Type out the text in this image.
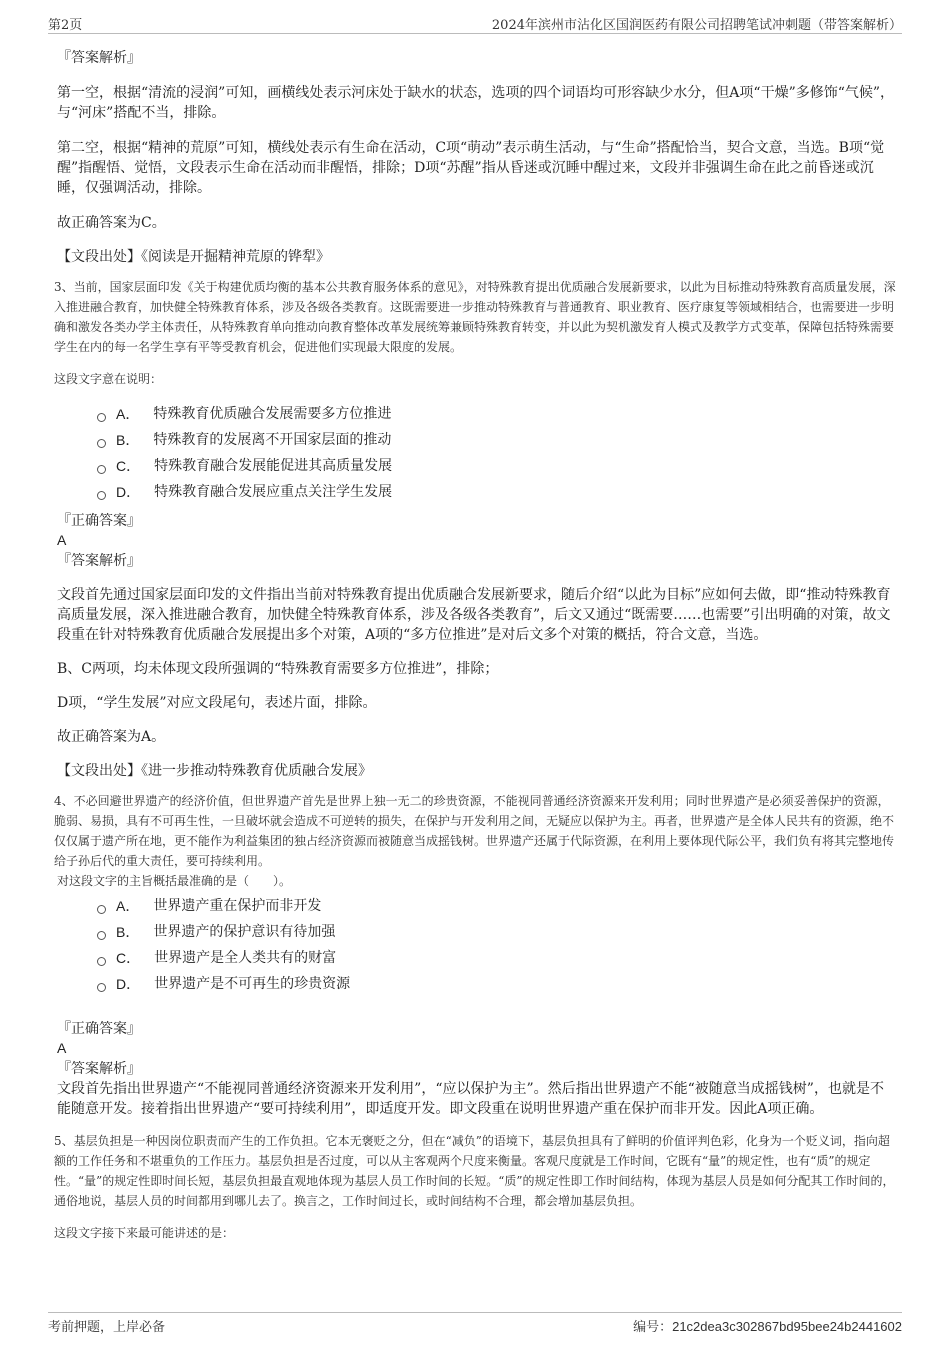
第2页	2024年滨州市沾化区国润医药有限公司招聘笔试冲刺题（带答案解析）
『答案解析』

第一空，根据“清流的浸润”可知，画横线处表示河床处于缺水的状态，选项的四个词语均可形容缺少水分，但A项“干燥”多修饰“气候”，与“河床”搭配不当，排除。

第二空，根据“精神的荒原”可知，横线处表示有生命在活动，C项“萌动”表示萌生活动，与“生命”搭配恰当，契合文意，当选。B项“觉醒”指醒悟、觉悟，文段表示生命在活动而非醒悟，排除；D项“苏醒”指从昏迷或沉睡中醒过来，文段并非强调生命在此之前昏迷或沉睡，仅强调活动，排除。

故正确答案为C。

【文段出处】《阅读是开掘精神荒原的铧犁》

3、当前，国家层面印发《关于构建优质均衡的基本公共教育服务体系的意见》，对特殊教育提出优质融合发展新要求，以此为目标推动特殊教育高质量发展，深入推进融合教育，加快健全特殊教育体系，涉及各级各类教育。这既需要进一步推动特殊教育与普通教育、职业教育、医疗康复等领域相结合，也需要进一步明确和激发各类办学主体责任，从特殊教育单向推动向教育整体改革发展统筹兼顾特殊教育转变，并以此为契机激发育人模式及教学方式变革，保障包括特殊需要学生在内的每一名学生享有平等受教育机会，促进他们实现最大限度的发展。

这段文字意在说明：

A． 特殊教育优质融合发展需要多方位推进
B． 特殊教育的发展离不开国家层面的推动
C． 特殊教育融合发展能促进其高质量发展
D． 特殊教育融合发展应重点关注学生发展
『正确答案』
A
『答案解析』

文段首先通过国家层面印发的文件指出当前对特殊教育提出优质融合发展新要求，随后介绍“以此为目标”应如何去做，即“推动特殊教育高质量发展，深入推进融合教育，加快健全特殊教育体系，涉及各级各类教育”，后文又通过“既需要……也需要”引出明确的对策，故文段重在针对特殊教育优质融合发展提出多个对策，A项的“多方位推进”是对后文多个对策的概括，符合文意，当选。

B、C两项，均未体现文段所强调的“特殊教育需要多方位推进”，排除；

D项，“学生发展”对应文段尾句，表述片面，排除。

故正确答案为A。

【文段出处】《进一步推动特殊教育优质融合发展》

4、不必回避世界遗产的经济价值，但世界遗产首先是世界上独一无二的珍贵资源，不能视同普通经济资源来开发利用；同时世界遗产是必须妥善保护的资源，脆弱、易损，具有不可再生性，一旦破坏就会造成不可逆转的损失，在保护与开发利用之间，无疑应以保护为主。再者，世界遗产是全体人民共有的资源，绝不仅仅属于遗产所在地，更不能作为利益集团的独占经济资源而被随意当成摇钱树。世界遗产还属于代际资源，在利用上要体现代际公平，我们负有将其完整地传给子孙后代的重大责任，要可持续利用。

对这段文字的主旨概括最准确的是（　　）。

A． 世界遗产重在保护而非开发
B． 世界遗产的保护意识有待加强
C． 世界遗产是全人类共有的财富
D． 世界遗产是不可再生的珍贵资源
『正确答案』
A
『答案解析』

文段首先指出世界遗产“不能视同普通经济资源来开发利用”，“应以保护为主”。然后指出世界遗产不能“被随意当成摇钱树”，也就是不能随意开发。接着指出世界遗产“要可持续利用”，即适度开发。即文段重在说明世界遗产重在保护而非开发。因此A项正确。

5、基层负担是一种因岗位职责而产生的工作负担。它本无褒贬之分，但在“减负”的语境下，基层负担具有了鲜明的价值评判色彩，化身为一个贬义词，指向超额的工作任务和不堪重负的工作压力。基层负担是否过度，可以从主客观两个尺度来衡量。客观尺度就是工作时间，它既有“量”的规定性，也有“质”的规定性。“量”的规定性即时间长短，基层负担最直观地体现为基层人员工作时间的长短。“质”的规定性即工作时间结构，体现为基层人员是如何分配其工作时间的，通俗地说，基层人员的时间都用到哪儿去了。换言之，工作时间过长，或时间结构不合理，都会增加基层负担。

这段文字接下来最可能讲述的是：

考前押题，上岸必备	编号：21c2dea3c302867bd95bee24b2441602
